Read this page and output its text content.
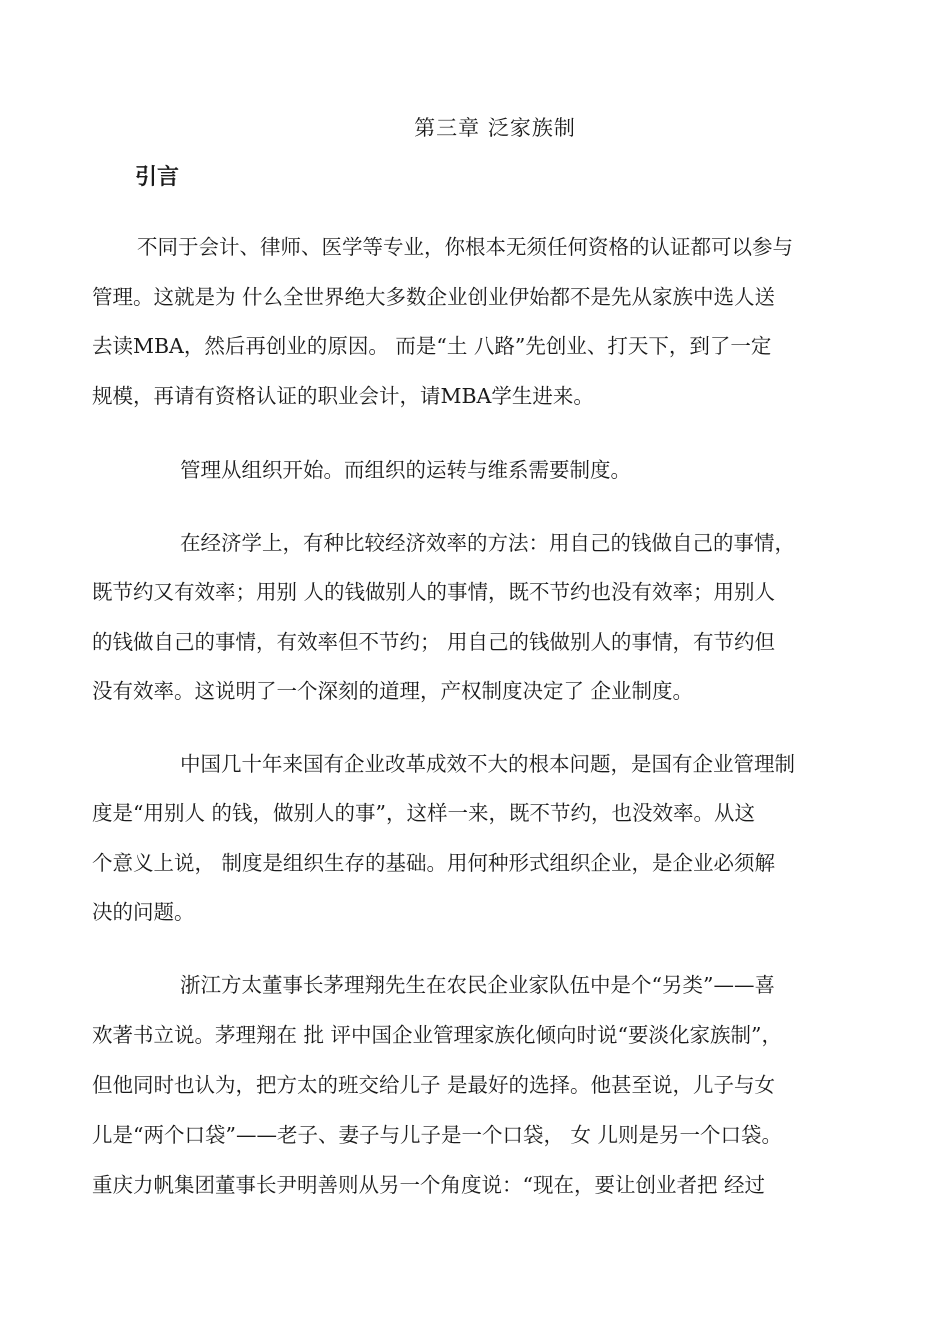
第三章 泛家族制
引言
不同于会计、律师、医学等专业，你根本无须任何资格的认证都可以参与
管理。这就是为 什么全世界绝大多数企业创业伊始都不是先从家族中选人送
去读MBA，然后再创业的原因。 而是“土 八路”先创业、打天下，到了一定
规模，再请有资格认证的职业会计，请MBA学生进来。
管理从组织开始。而组织的运转与维系需要制度。
在经济学上，有种比较经济效率的方法：用自己的钱做自己的事情，
既节约又有效率；用别 人的钱做别人的事情，既不节约也没有效率；用别人
的钱做自己的事情，有效率但不节约； 用自己的钱做别人的事情，有节约但
没有效率。这说明了一个深刻的道理，产权制度决定了 企业制度。
中国几十年来国有企业改革成效不大的根本问题，是国有企业管理制
度是“用别人 的钱，做别人的事”，这样一来，既不节约，也没效率。从这
个意义上说， 制度是组织生存的基础。用何种形式组织企业，是企业必须解
决的问题。
浙江方太董事长茅理翔先生在农民企业家队伍中是个“另类”——喜
欢著书立说。茅理翔在 批 评中国企业管理家族化倾向时说“要淡化家族制”，
但他同时也认为，把方太的班交给儿子 是最好的选择。他甚至说，儿子与女
儿是“两个口袋”——老子、妻子与儿子是一个口袋， 女 儿则是另一个口袋。
重庆力帆集团董事长尹明善则从另一个角度说：“现在，要让创业者把 经过
